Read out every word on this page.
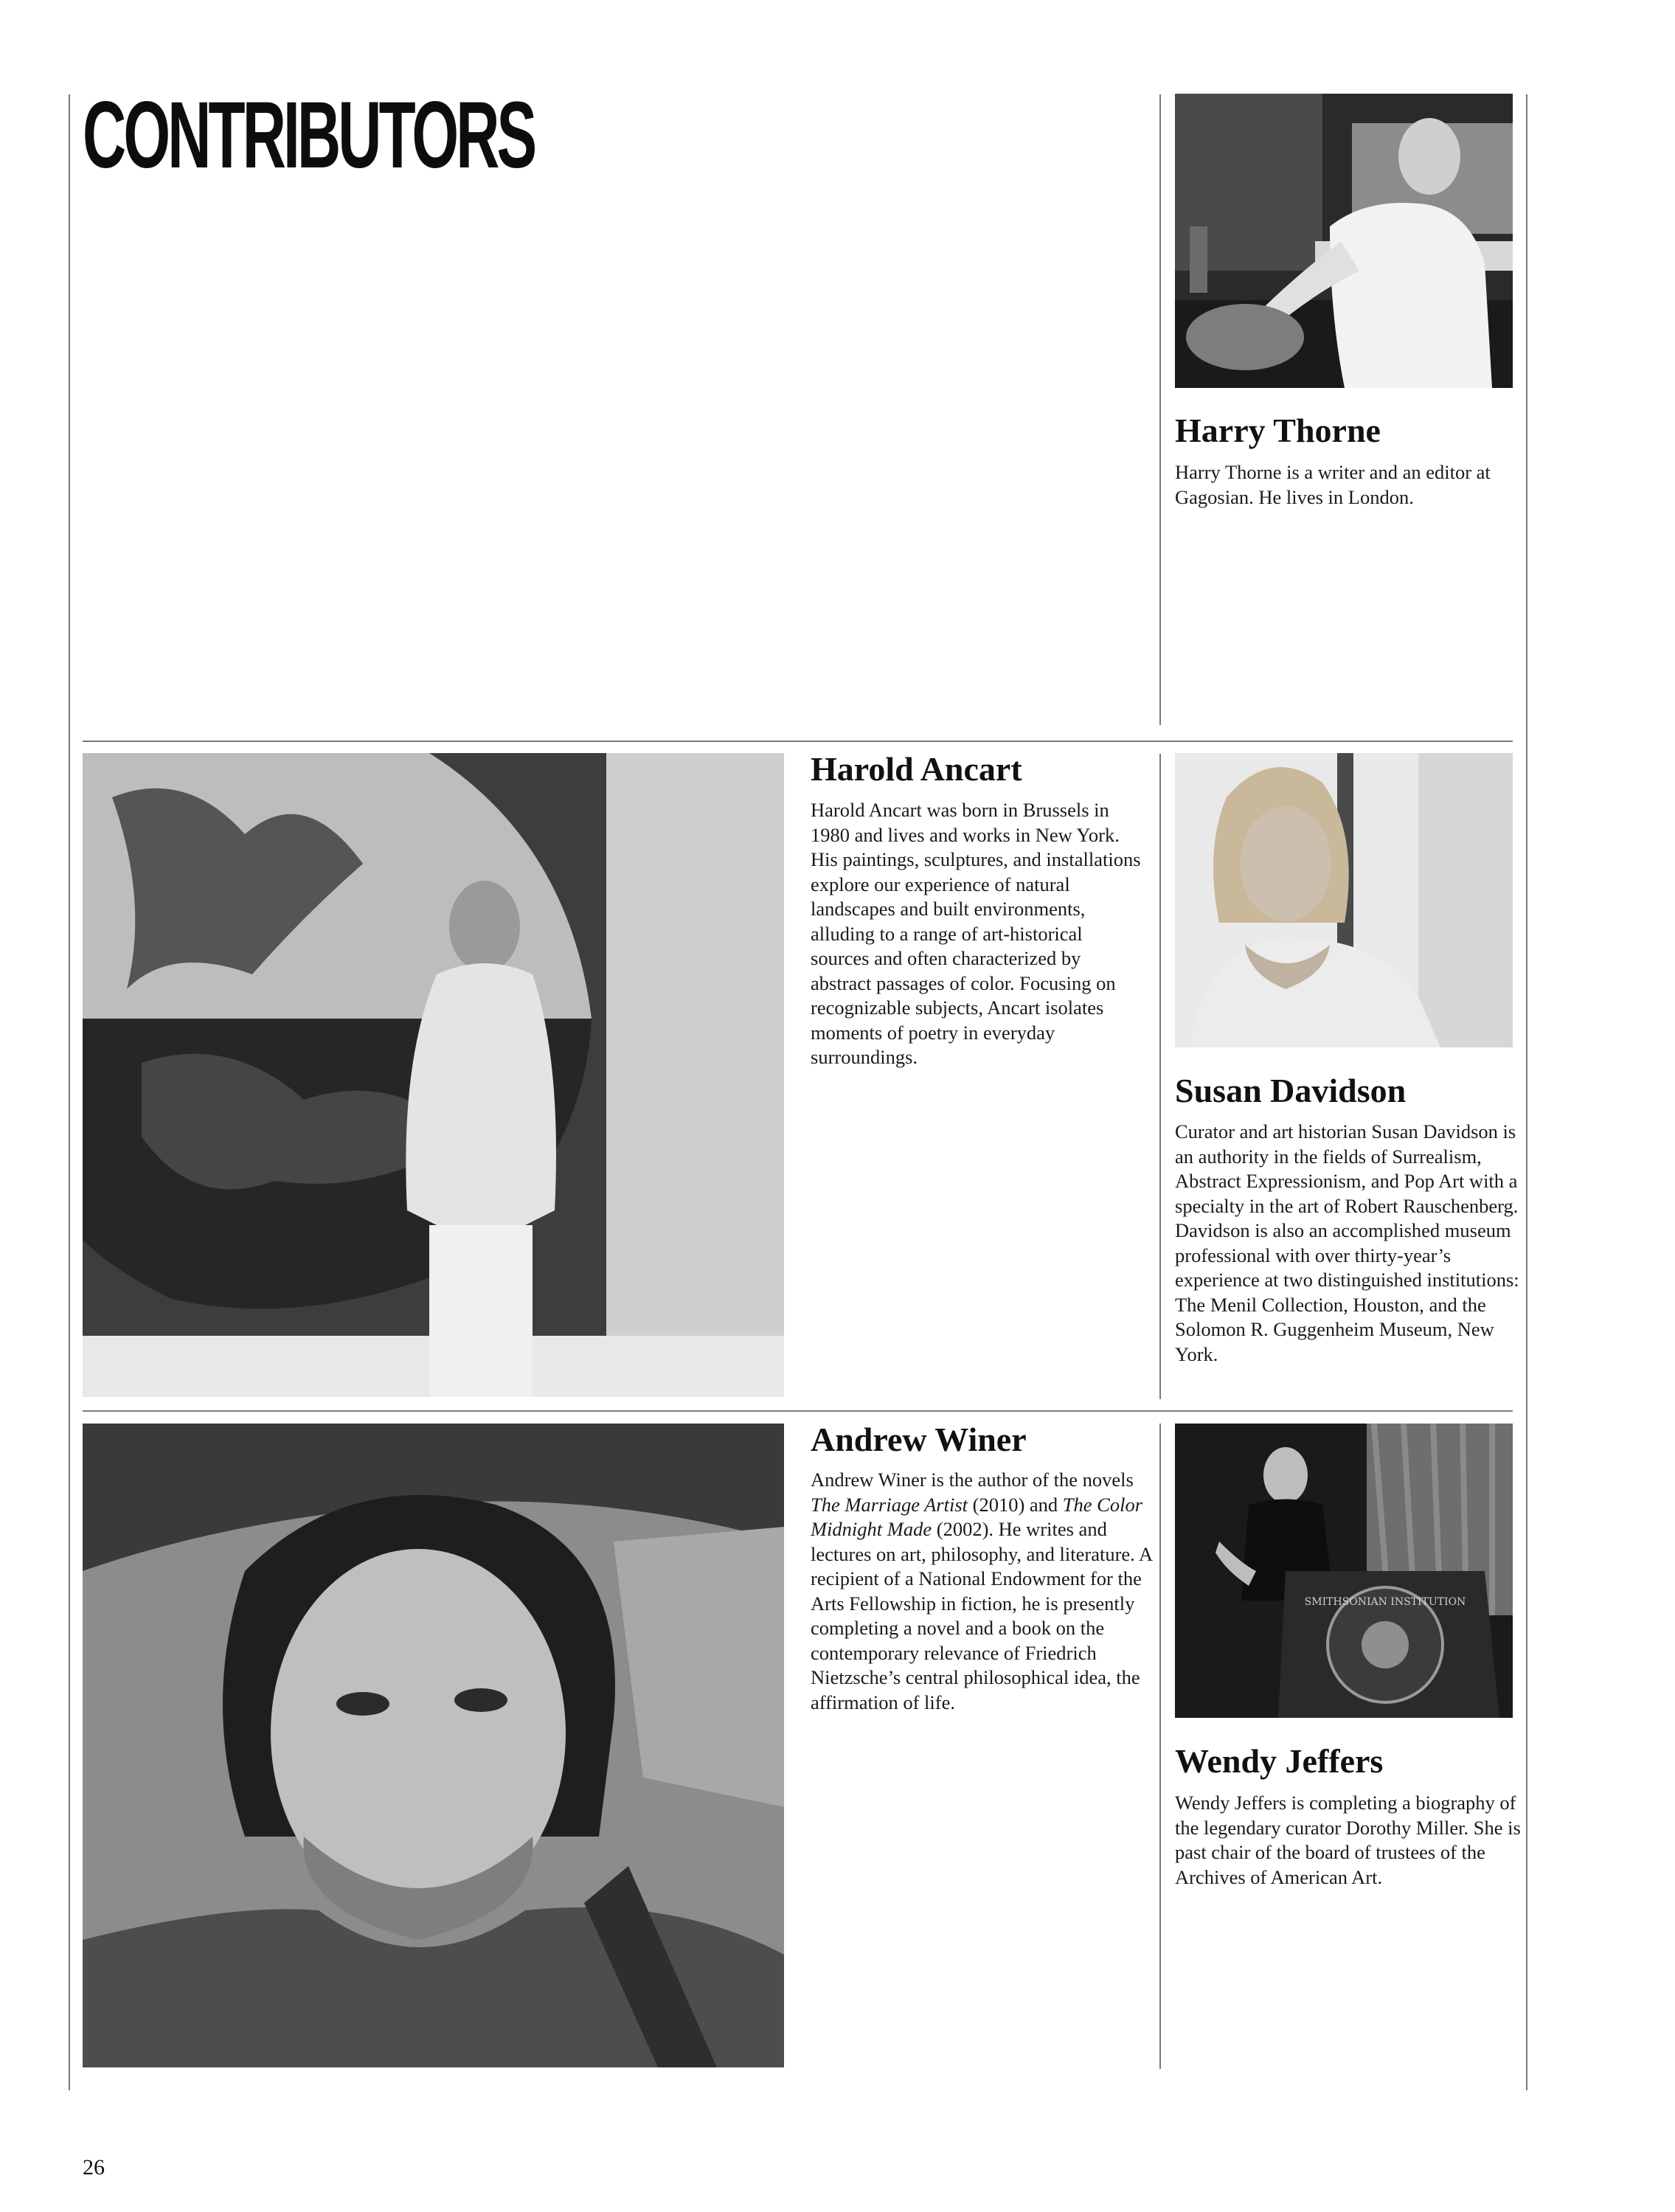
CONTRIBUTORS
Harry Thorne

Harry Thorne is a writer and an editor at Gagosian. He lives in London.

Harold Ancart

Harold Ancart was born in Brussels in 1980 and lives and works in New York. His paintings, sculptures, and installations explore our experience of natural landscapes and built environments, alluding to a range of art-historical sources and often characterized by abstract passages of color. Focusing on recognizable subjects, Ancart isolates moments of poetry in everyday surroundings.

Susan Davidson

Curator and art historian Susan Davidson is an authority in the fields of Surrealism, Abstract Expressionism, and Pop Art with a specialty in the art of Robert Rauschenberg. Davidson is also an accomplished museum professional with over thirty-year’s experience at two distinguished institutions: The Menil Collection, Houston, and the Solomon R. Guggenheim Museum, New York.

Andrew Winer

Andrew Winer is the author of the novels The Marriage Artist (2010) and The Color Midnight Made (2002). He writes and lectures on art, philosophy, and literature. A recipient of a National Endowment for the Arts Fellowship in fiction, he is presently completing a novel and a book on the contemporary relevance of Friedrich Nietzsche’s central philosophical idea, the affirmation of life.

SMITHSONIAN INSTITUTION
Wendy Jeffers

Wendy Jeffers is completing a biography of the legendary curator Dorothy Miller. She is past chair of the board of trustees of the Archives of American Art.

26
